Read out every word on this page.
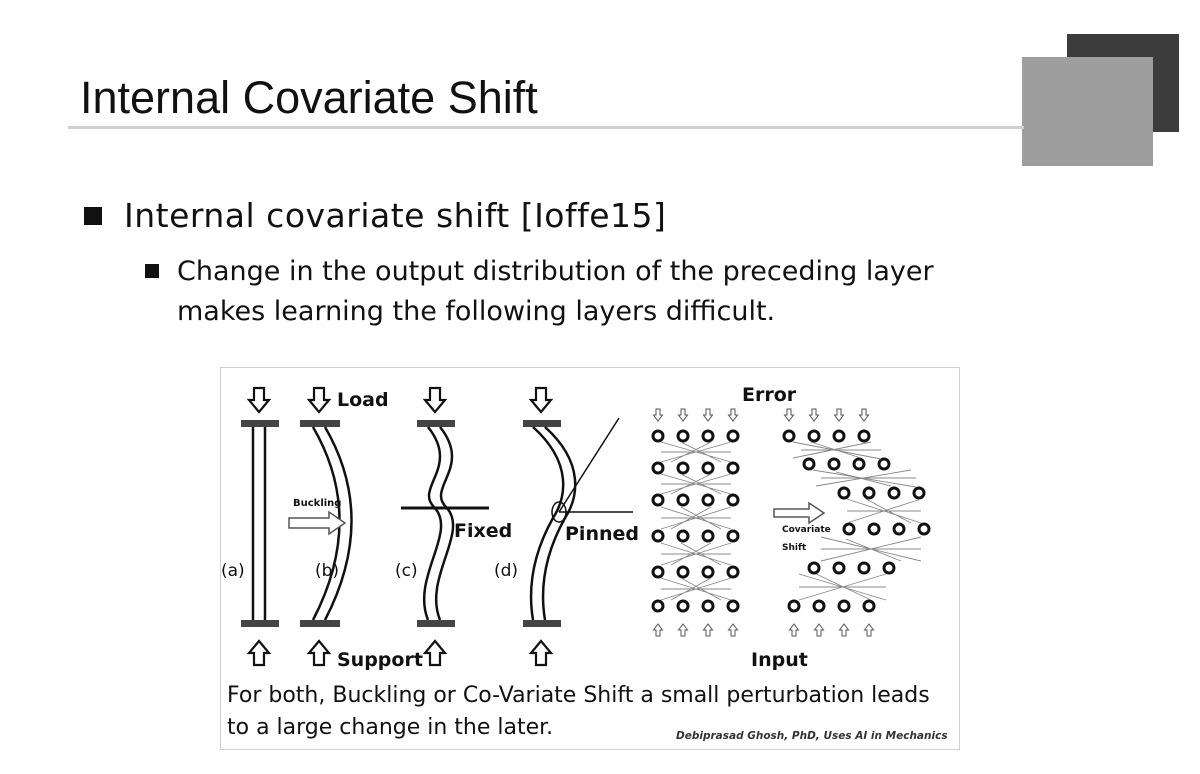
Internal Covariate Shift
Internal covariate shift [Ioffe15]
Change in the output distribution of the preceding layer
makes learning the following layers difficult.
Load
Support
Buckling
Fixed	Pinned
(a)	(b)	(c)	(d)
Error
Input
Covariate
Shift
For both, Buckling or Co-Variate Shift a small perturbation leads
to a large change in the later.	Debiprasad Ghosh, PhD, Uses AI in Mechanics
